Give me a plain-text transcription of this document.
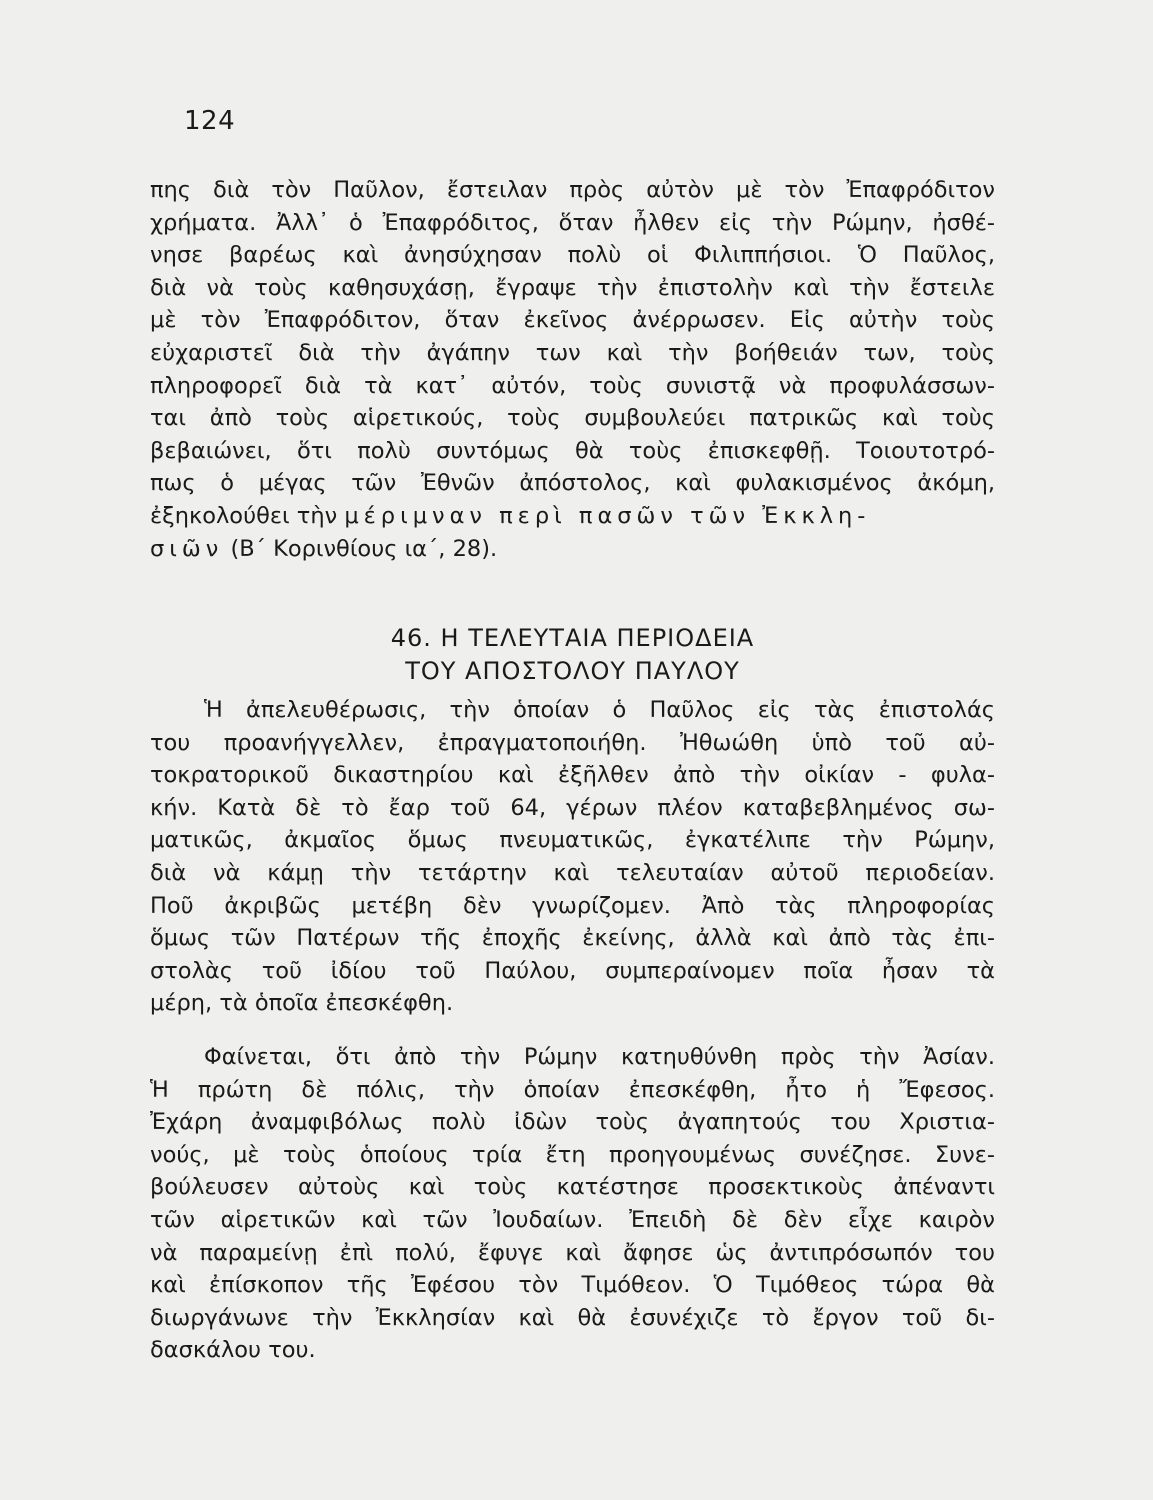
124
πης διὰ τὸν Παῦλον, ἔστειλαν πρὸς αὐτὸν μὲ τὸν Ἐπαφρόδιτον
χρήματα. Ἀλλ᾽ ὁ Ἐπαφρόδιτος, ὅταν ἦλθεν εἰς τὴν Ρώμην, ἠσθέ-
νησε βαρέως καὶ ἀνησύχησαν πολὺ οἱ Φιλιππήσιοι. Ὁ Παῦλος,
διὰ νὰ τοὺς καθησυχάσῃ, ἔγραψε τὴν ἐπιστολὴν καὶ τὴν ἔστειλε
μὲ τὸν Ἐπαφρόδιτον, ὅταν ἐκεῖνος ἀνέρρωσεν. Εἰς αὐτὴν τοὺς
εὐχαριστεῖ διὰ τὴν ἀγάπην των καὶ τὴν βοήθειάν των, τοὺς
πληροφορεῖ διὰ τὰ κατ᾽ αὐτόν, τοὺς συνιστᾷ νὰ προφυλάσσων-
ται ἀπὸ τοὺς αἱρετικούς, τοὺς συμβουλεύει πατρικῶς καὶ τοὺς
βεβαιώνει, ὅτι πολὺ συντόμως θὰ τοὺς ἐπισκεφθῇ. Τοιουτοτρό-
πως ὁ μέγας τῶν Ἐθνῶν ἀπόστολος, καὶ φυλακισμένος ἀκόμη,
ἐξηκολούθει τὴν μέριμναν περὶ πασῶν τῶν Ἐκκλη-
σιῶν (Β΄ Κορινθίους ια΄, 28).
46. Η ΤΕΛΕΥΤΑΙΑ ΠΕΡΙΟΔΕΙΑ
ΤΟΥ ΑΠΟΣΤΟΛΟΥ ΠΑΥΛΟΥ
Ἡ ἀπελευθέρωσις, τὴν ὁποίαν ὁ Παῦλος εἰς τὰς ἐπιστολάς
του προανήγγελλεν, ἐπραγματοποιήθη. Ἠθωώθη ὑπὸ τοῦ αὐ-
τοκρατορικοῦ δικαστηρίου καὶ ἐξῆλθεν ἀπὸ τὴν οἰκίαν - φυλα-
κήν. Κατὰ δὲ τὸ ἔαρ τοῦ 64, γέρων πλέον καταβεβλημένος σω-
ματικῶς, ἀκμαῖος ὅμως πνευματικῶς, ἐγκατέλιπε τὴν Ρώμην,
διὰ νὰ κάμῃ τὴν τετάρτην καὶ τελευταίαν αὐτοῦ περιοδείαν.
Ποῦ ἀκριβῶς μετέβη δὲν γνωρίζομεν. Ἀπὸ τὰς πληροφορίας
ὅμως τῶν Πατέρων τῆς ἐποχῆς ἐκείνης, ἀλλὰ καὶ ἀπὸ τὰς ἐπι-
στολὰς τοῦ ἰδίου τοῦ Παύλου, συμπεραίνομεν ποῖα ἦσαν τὰ
μέρη, τὰ ὁποῖα ἐπεσκέφθη.
Φαίνεται, ὅτι ἀπὸ τὴν Ρώμην κατηυθύνθη πρὸς τὴν Ἀσίαν.
Ἡ πρώτη δὲ πόλις, τὴν ὁποίαν ἐπεσκέφθη, ἦτο ἡ Ἔφεσος.
Ἐχάρη ἀναμφιβόλως πολὺ ἰδὼν τοὺς ἀγαπητούς του Χριστια-
νούς, μὲ τοὺς ὁποίους τρία ἔτη προηγουμένως συνέζησε. Συνε-
βούλευσεν αὐτοὺς καὶ τοὺς κατέστησε προσεκτικοὺς ἀπέναντι
τῶν αἱρετικῶν καὶ τῶν Ἰουδαίων. Ἐπειδὴ δὲ δὲν εἶχε καιρὸν
νὰ παραμείνῃ ἐπὶ πολύ, ἔφυγε καὶ ἄφησε ὡς ἀντιπρόσωπόν του
καὶ ἐπίσκοπον τῆς Ἐφέσου τὸν Τιμόθεον. Ὁ Τιμόθεος τώρα θὰ
διωργάνωνε τὴν Ἐκκλησίαν καὶ θὰ ἐσυνέχιζε τὸ ἔργον τοῦ δι-
δασκάλου του.
